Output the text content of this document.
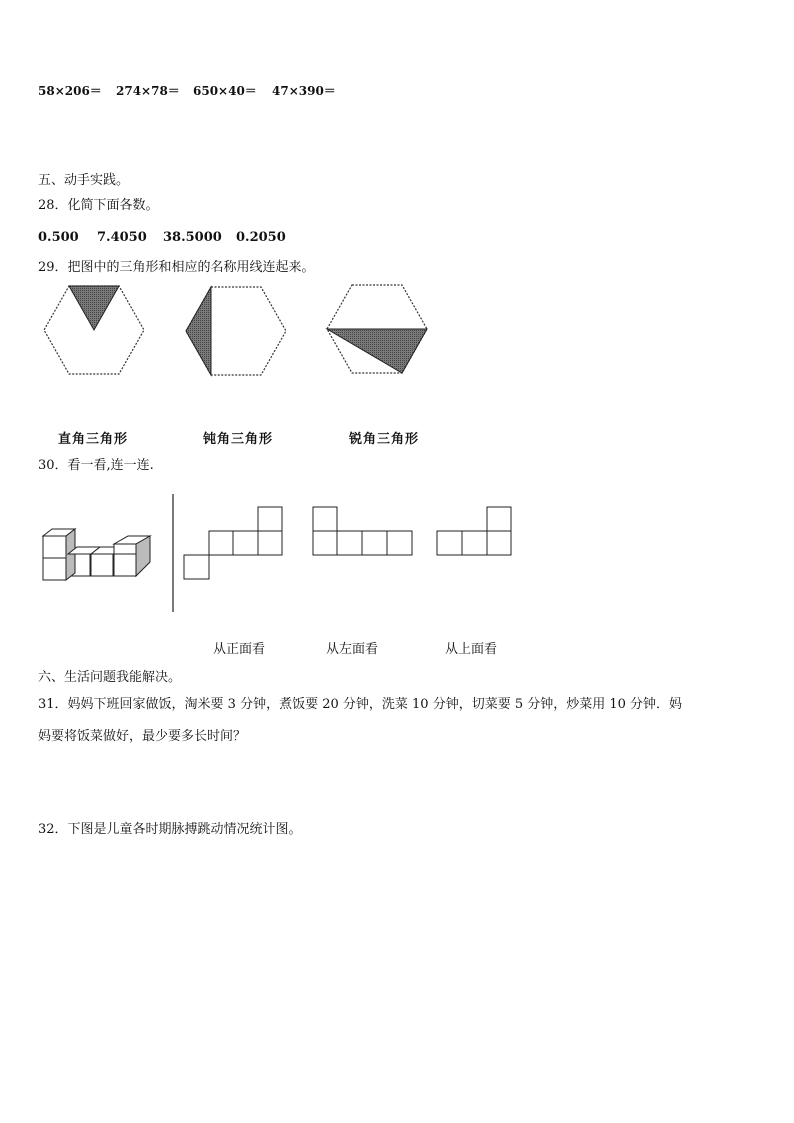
58×206＝ 274×78＝ 650×40＝ 47×390＝
五、动手实践。
28．化简下面各数。
0.500 7.4050 38.5000 0.2050
29．把图中的三角形和相应的名称用线连起来。
直角三角形	钝角三角形	锐角三角形
30．看一看,连一连.
从正面看	从左面看	从上面看
六、生活问题我能解决。
31．妈妈下班回家做饭，淘米要 3 分钟，煮饭要 20 分钟，洗菜 10 分钟，切菜要 5 分钟，炒菜用 10 分钟．妈
妈要将饭菜做好，最少要多长时间？
32．下图是儿童各时期脉搏跳动情况统计图。
